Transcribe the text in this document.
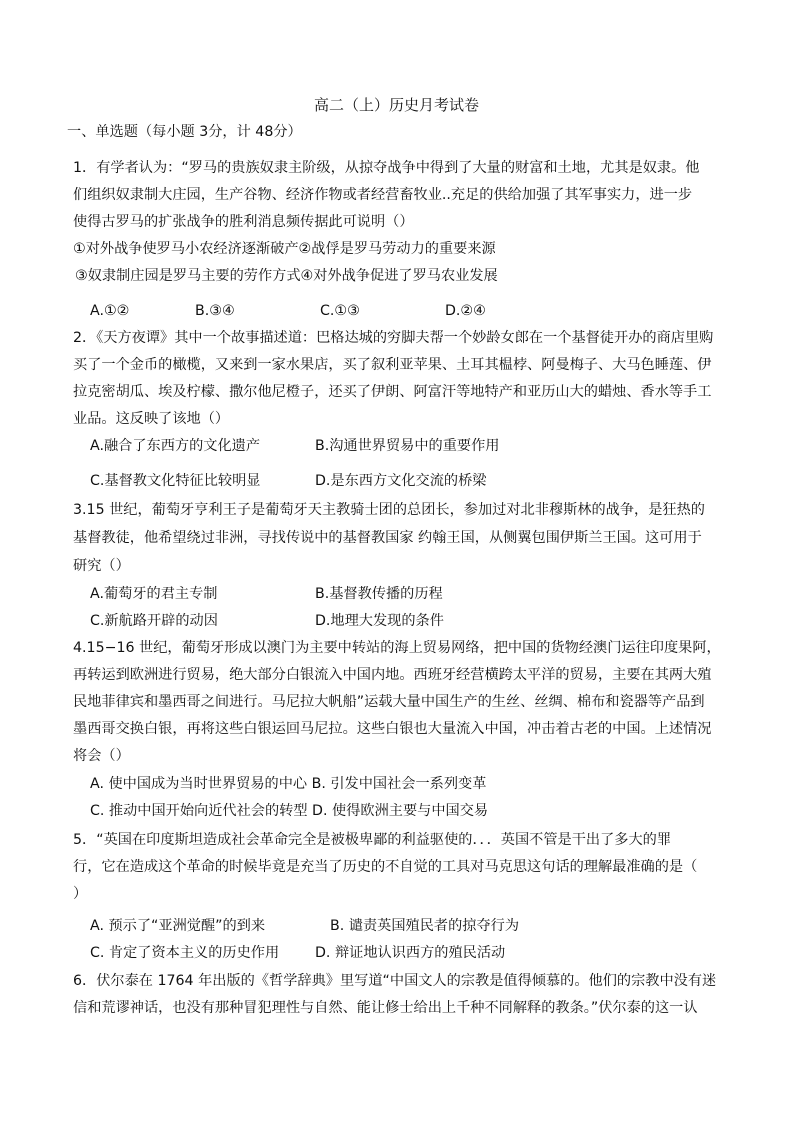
高二（上）历史月考试卷
一、单选题（每小题 3分，计 48分）
1．有学者认为：“罗马的贵族奴隶主阶级，从掠夺战争中得到了大量的财富和土地，尤其是奴隶。他
们组织奴隶制大庄园，生产谷物、经济作物或者经营畜牧业..充足的供给加强了其军事实力，进一步
使得古罗马的扩张战争的胜利消息频传据此可说明（）
①对外战争使罗马小农经济逐渐破产②战俘是罗马劳动力的重要来源
③奴隶制庄园是罗马主要的劳作方式④对外战争促进了罗马农业发展
A.①②	B.③④	C.①③	D.②④
2．《天方夜谭》其中一个故事描述道：巴格达城的穷脚夫帮一个妙龄女郎在一个基督徒开办的商店里购
买了一个金币的橄榄，又来到一家水果店，买了叙利亚苹果、土耳其榅桲、阿曼梅子、大马色睡莲、伊
拉克密胡瓜、埃及柠檬、撒尔他尼橙子，还买了伊朗、阿富汗等地特产和亚历山大的蜡烛、香水等手工
业品。这反映了该地（）
A.融合了东西方的文化遗产	B.沟通世界贸易中的重要作用
C.基督教文化特征比较明显	D.是东西方文化交流的桥梁
3.15 世纪，葡萄牙亨利王子是葡萄牙天主教骑士团的总团长，参加过对北非穆斯林的战争，是狂热的
基督教徒，他希望绕过非洲，寻找传说中的基督教国家 约翰王国，从侧翼包围伊斯兰王国。这可用于
研究（）
A.葡萄牙的君主专制	B.基督教传播的历程
C.新航路开辟的动因	D.地理大发现的条件
4.15−16 世纪，葡萄牙形成以澳门为主要中转站的海上贸易网络，把中国的货物经澳门运往印度果阿，
再转运到欧洲进行贸易，绝大部分白银流入中国内地。西班牙经营横跨太平洋的贸易，主要在其两大殖
民地菲律宾和墨西哥之间进行。马尼拉大帆船”运载大量中国生产的生丝、丝绸、棉布和瓷器等产品到
墨西哥交换白银，再将这些白银运回马尼拉。这些白银也大量流入中国，冲击着古老的中国。上述情况
将会（）
A. 使中国成为当时世界贸易的中心 B. 引发中国社会一系列变革
C. 推动中国开始向近代社会的转型 D. 使得欧洲主要与中国交易
5．“英国在印度斯坦造成社会革命完全是被极卑鄙的利益驱使的．．．英国不管是干出了多大的罪
行，它在造成这个革命的时候毕竟是充当了历史的不自觉的工具对马克思这句话的理解最准确的是（
）
A. 预示了“亚洲觉醒”的到来	B. 谴责英国殖民者的掠夺行为
C. 肯定了资本主义的历史作用	D. 辩证地认识西方的殖民活动
6．伏尔泰在 1764 年出版的《哲学辞典》里写道“中国文人的宗教是值得倾慕的。他们的宗教中没有迷
信和荒谬神话，也没有那种冒犯理性与自然、能让修士给出上千种不同解释的教条。”伏尔泰的这一认
